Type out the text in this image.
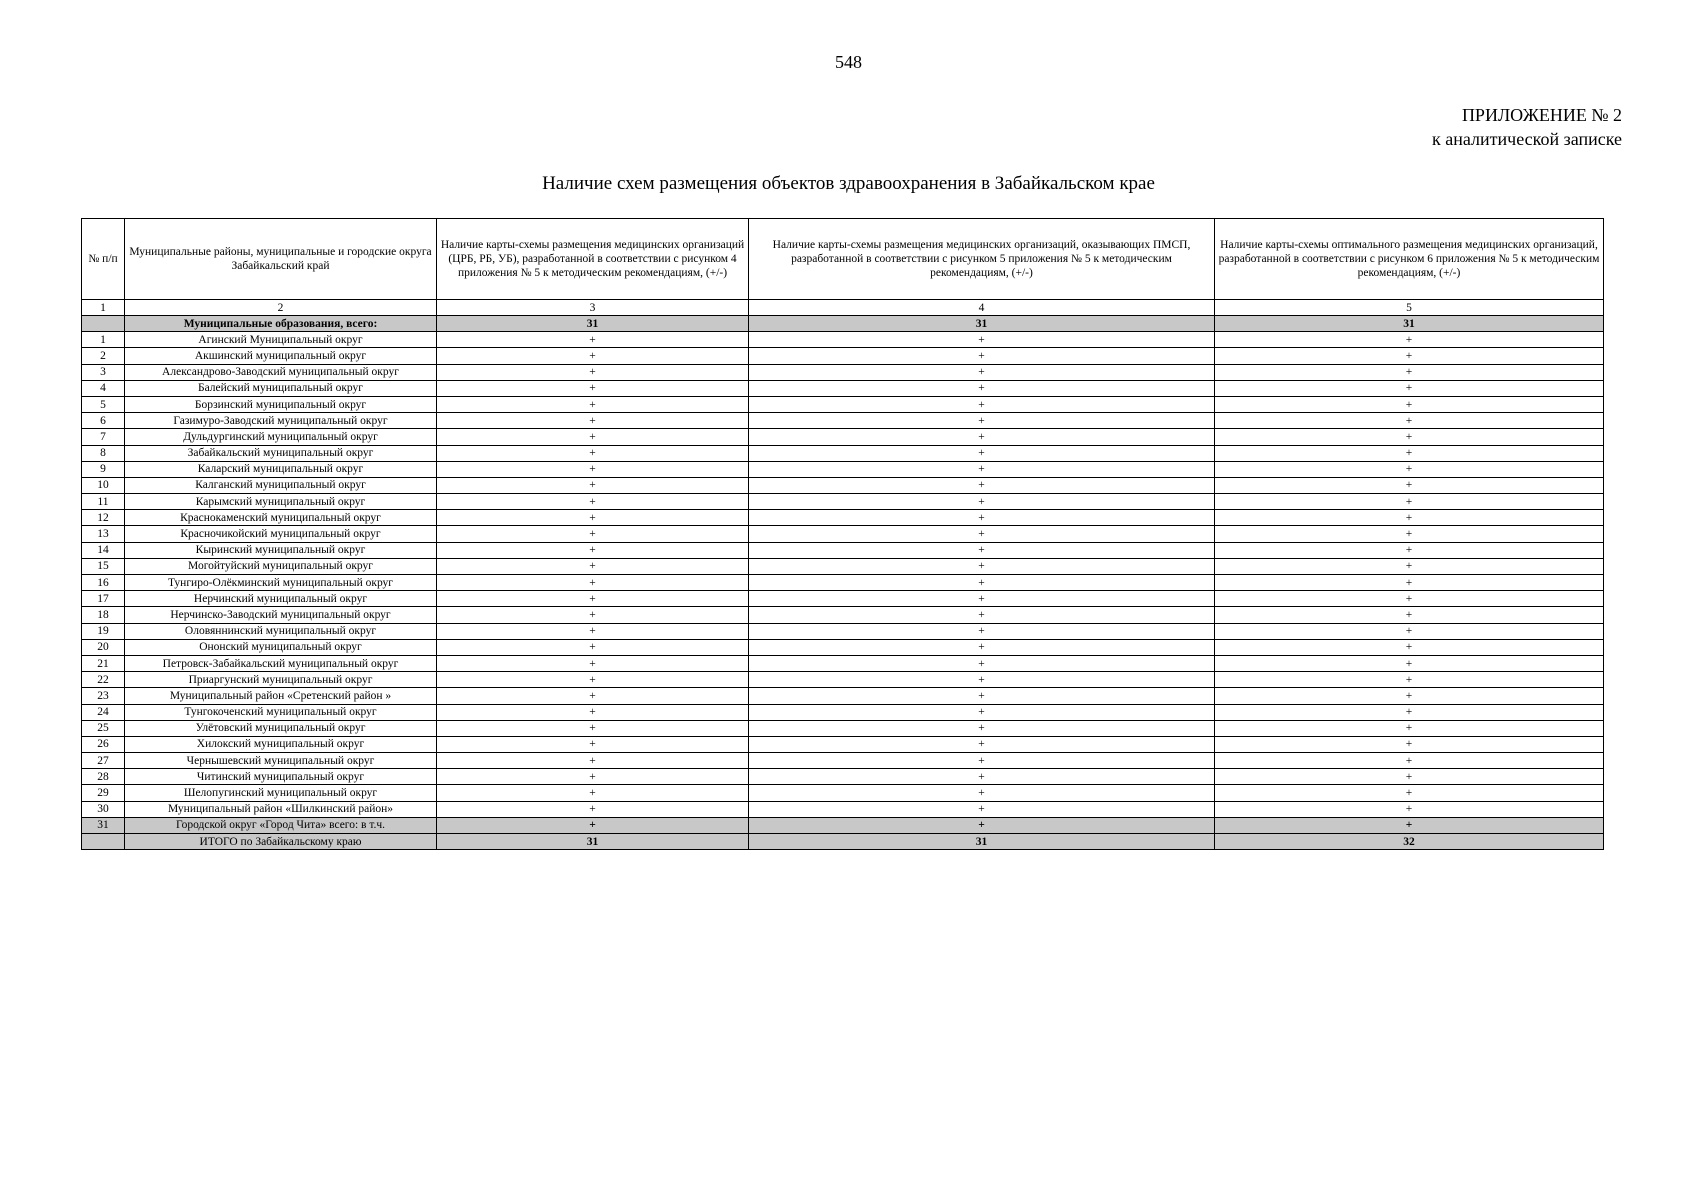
548
ПРИЛОЖЕНИЕ № 2
к аналитической записке
Наличие схем размещения объектов здравоохранения в Забайкальском крае
№ п/п	Муниципальные районы, муниципальные и городские округа Забайкальский край	Наличие карты-схемы размещения медицинских организаций (ЦРБ, РБ, УБ), разработанной в соответствии с рисунком 4 приложения № 5 к методическим рекомендациям, (+/-)	Наличие карты-схемы размещения медицинских организаций, оказывающих ПМСП, разработанной в соответствии с рисунком 5 приложения № 5 к методическим рекомендациям, (+/-)	Наличие карты-схемы оптимального размещения медицинских организаций, разработанной в соответствии с рисунком 6 приложения № 5 к методическим рекомендациям, (+/-)
1	2	3	4	5
	Муниципальные образования, всего:	31	31	31
1	Агинский Муниципальный округ	+	+	+
2	Акшинский муниципальный округ	+	+	+
3	Александрово-Заводский муниципальный округ	+	+	+
4	Балейский муниципальный округ	+	+	+
5	Борзинский муниципальный округ	+	+	+
6	Газимуро-Заводский муниципальный округ	+	+	+
7	Дульдургинский муниципальный округ	+	+	+
8	Забайкальский муниципальный округ	+	+	+
9	Каларский муниципальный округ	+	+	+
10	Калганский муниципальный округ	+	+	+
11	Карымский муниципальный округ	+	+	+
12	Краснокаменский муниципальный округ	+	+	+
13	Красночикойский муниципальный округ	+	+	+
14	Кыринский муниципальный округ	+	+	+
15	Могойтуйский муниципальный округ	+	+	+
16	Тунгиро-Олёкминский муниципальный округ	+	+	+
17	Нерчинский муниципальный округ	+	+	+
18	Нерчинско-Заводский муниципальный округ	+	+	+
19	Оловяннинский муниципальный округ	+	+	+
20	Ононский муниципальный округ	+	+	+
21	Петровск-Забайкальский муниципальный округ	+	+	+
22	Приаргунский муниципальный округ	+	+	+
23	Муниципальный район «Сретенский район »	+	+	+
24	Тунгокоченский муниципальный округ	+	+	+
25	Улётовский муниципальный округ	+	+	+
26	Хилокский муниципальный округ	+	+	+
27	Чернышевский муниципальный округ	+	+	+
28	Читинский муниципальный округ	+	+	+
29	Шелопугинский муниципальный округ	+	+	+
30	Муниципальный район «Шилкинский район»	+	+	+
31	Городской округ «Город Чита» всего: в т.ч.	+	+	+
	ИТОГО по Забайкальскому краю	31	31	32
